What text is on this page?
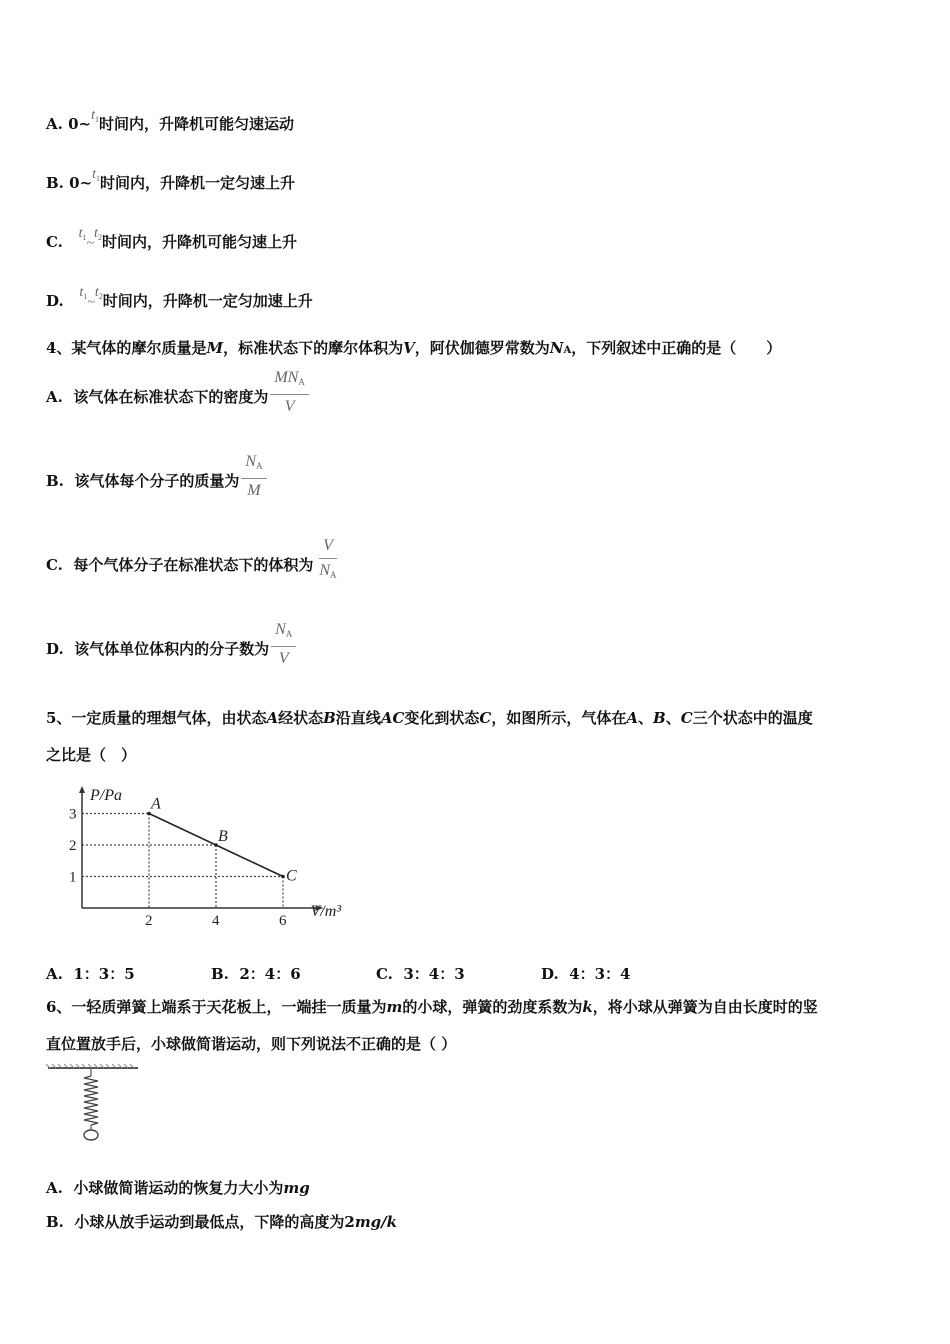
A. $0\sim t_1$时间内，升降机可能匀速运动
B. $0\sim t_1$时间内，升降机一定匀速上升
C. $t_1\sim t_2$时间内，升降机可能匀速上升
D. $t_1\sim t_2$时间内，升降机一定匀加速上升
4、某气体的摩尔质量是M，标准状态下的摩尔体积为V，阿伏伽德罗常数为NA，下列叙述中正确的是（　　）
A.
该气体在标准状态下的密度为 $\frac{MN_A}{V}$
B.
该气体每个分子的质量为 $\frac{N_A}{M}$
C.
每个气体分子在标准状态下的体积为 $\frac{V}{N_A}$
D.
该气体单位体积内的分子数为 $\frac{N_A}{V}$
5、一定质量的理想气体，由状态A经状态B沿直线AC变化到状态C，如图所示，气体在A、B、C三个状态中的温度
之比是（　）
P/Pa
V/m³
A
B
C
2	4	6
1
2
3
A. 1：3：5	B. 2：4：6	C. 3：4：3	D. 4：3：4
6、一轻质弹簧上端系于天花板上，一端挂一质量为m的小球，弹簧的劲度系数为k，将小球从弹簧为自由长度时的竖
直位置放手后，小球做简谐运动，则下列说法不正确的是（ ）
A. 小球做简谐运动的恢复力大小为mg
B. 小球从放手运动到最低点，下降的高度为2mg/k
